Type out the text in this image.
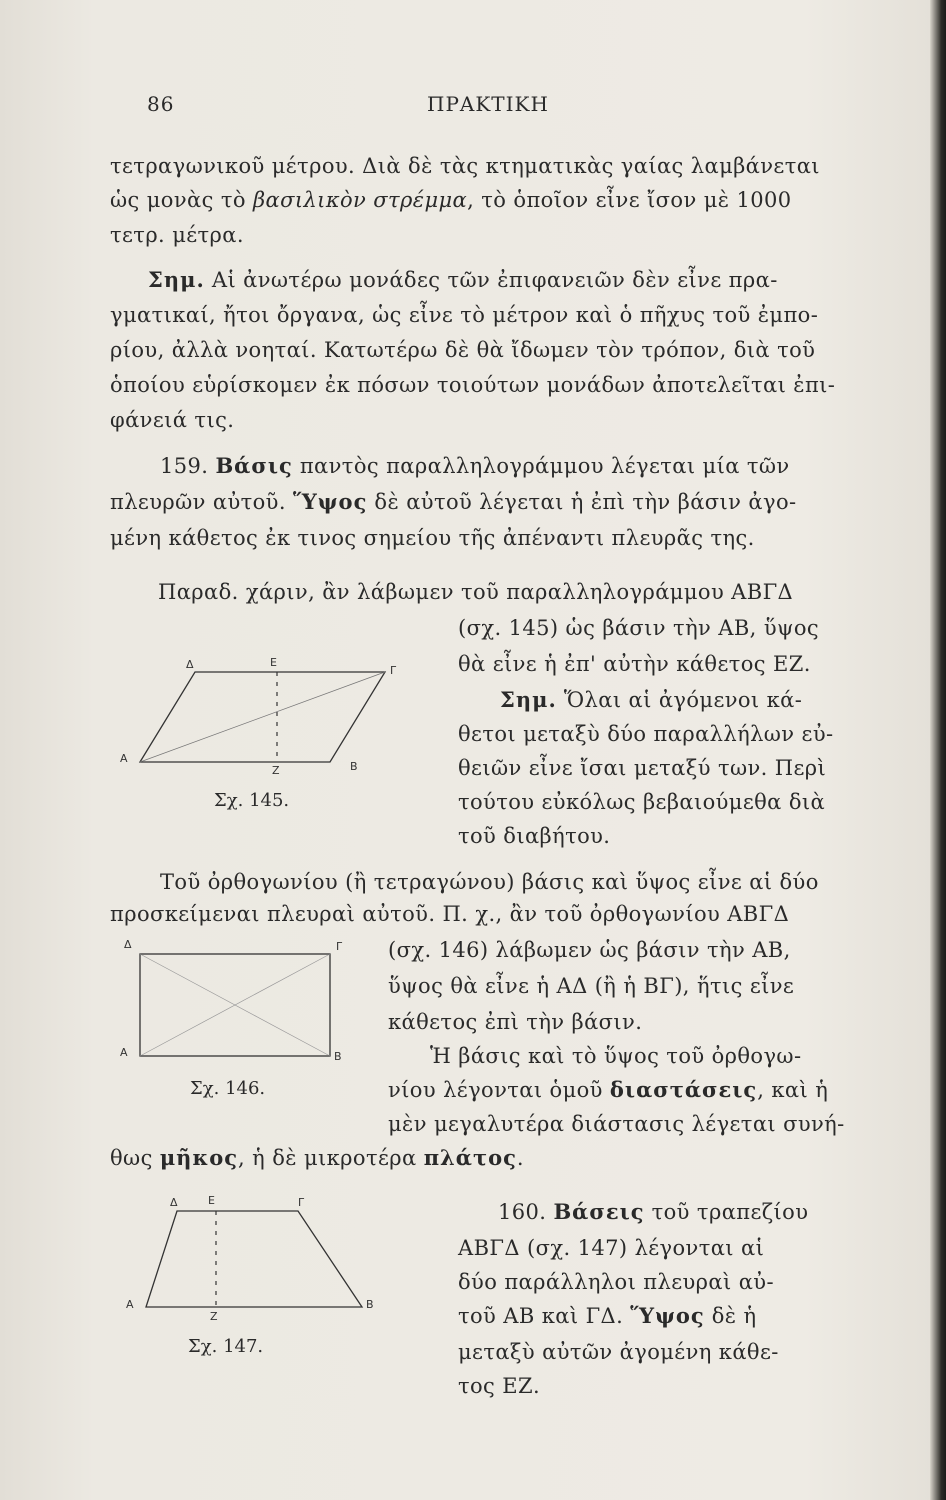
86	ΠΡΑΚΤΙΚΗ
τετραγωνικοῦ μέτρου. Διὰ δὲ τὰς κτηματικὰς γαίας λαμβάνεται
ὡς μονὰς τὸ βασιλικὸν στρέμμα, τὸ ὁποῖον εἶνε ἴσον μὲ 1000
τετρ. μέτρα.
Σημ. Αἱ ἀνωτέρω μονάδες τῶν ἐπιφανειῶν δὲν εἶνε πρα-
γματικαί, ἤτοι ὄργανα, ὡς εἶνε τὸ μέτρον καὶ ὁ πῆχυς τοῦ ἐμπο-
ρίου, ἀλλὰ νοηταί. Κατωτέρω δὲ θὰ ἴδωμεν τὸν τρόπον, διὰ τοῦ
ὁποίου εὑρίσκομεν ἐκ πόσων τοιούτων μονάδων ἀποτελεῖται ἐπι-
φάνειά τις.
159. Βάσις παντὸς παραλληλογράμμου λέγεται μία τῶν
πλευρῶν αὐτοῦ. Ὕψος δὲ αὐτοῦ λέγεται ἡ ἐπὶ τὴν βάσιν ἀγο-
μένη κάθετος ἐκ τινος σημείου τῆς ἀπέναντι πλευρᾶς της.
Παραδ. χάριν, ἂν λάβωμεν τοῦ παραλληλογράμμου ΑΒΓΔ
(σχ. 145) ὡς βάσιν τὴν ΑΒ, ὕψος
θὰ εἶνε ἡ ἐπ' αὐτὴν κάθετος ΕΖ.
Σημ. Ὅλαι αἱ ἀγόμενοι κά-
θετοι μεταξὺ δύο παραλλήλων εὐ-
θειῶν εἶνε ἴσαι μεταξύ των. Περὶ
τούτου εὐκόλως βεβαιούμεθα διὰ
τοῦ διαβήτου.
Δ	Ε
Γ
Α
Ζ	Β
Σχ. 145.
Τοῦ ὀρθογωνίου (ἢ τετραγώνου) βάσις καὶ ὕψος εἶνε αἱ δύο
προσκείμεναι πλευραὶ αὐτοῦ. Π. χ., ἂν τοῦ ὀρθογωνίου ΑΒΓΔ
(σχ. 146) λάβωμεν ὡς βάσιν τὴν ΑΒ,
ὕψος θὰ εἶνε ἡ ΑΔ (ἢ ἡ ΒΓ), ἥτις εἶνε
κάθετος ἐπὶ τὴν βάσιν.
Ἡ βάσις καὶ τὸ ὕψος τοῦ ὀρθογω-
νίου λέγονται ὁμοῦ διαστάσεις, καὶ ἡ
μὲν μεγαλυτέρα διάστασις λέγεται συνή-
θως μῆκος, ἡ δὲ μικροτέρα πλάτος.
Δ	Γ
Α	Β
Σχ. 146.
160. Βάσεις τοῦ τραπεζίου
ΑΒΓΔ (σχ. 147) λέγονται αἱ
δύο παράλληλοι πλευραὶ αὐ-
τοῦ ΑΒ καὶ ΓΔ. Ὕψος δὲ ἡ
μεταξὺ αὐτῶν ἀγομένη κάθε-
τος ΕΖ.
Δ	Ε	Γ
Α
Ζ
Β
Σχ. 147.
